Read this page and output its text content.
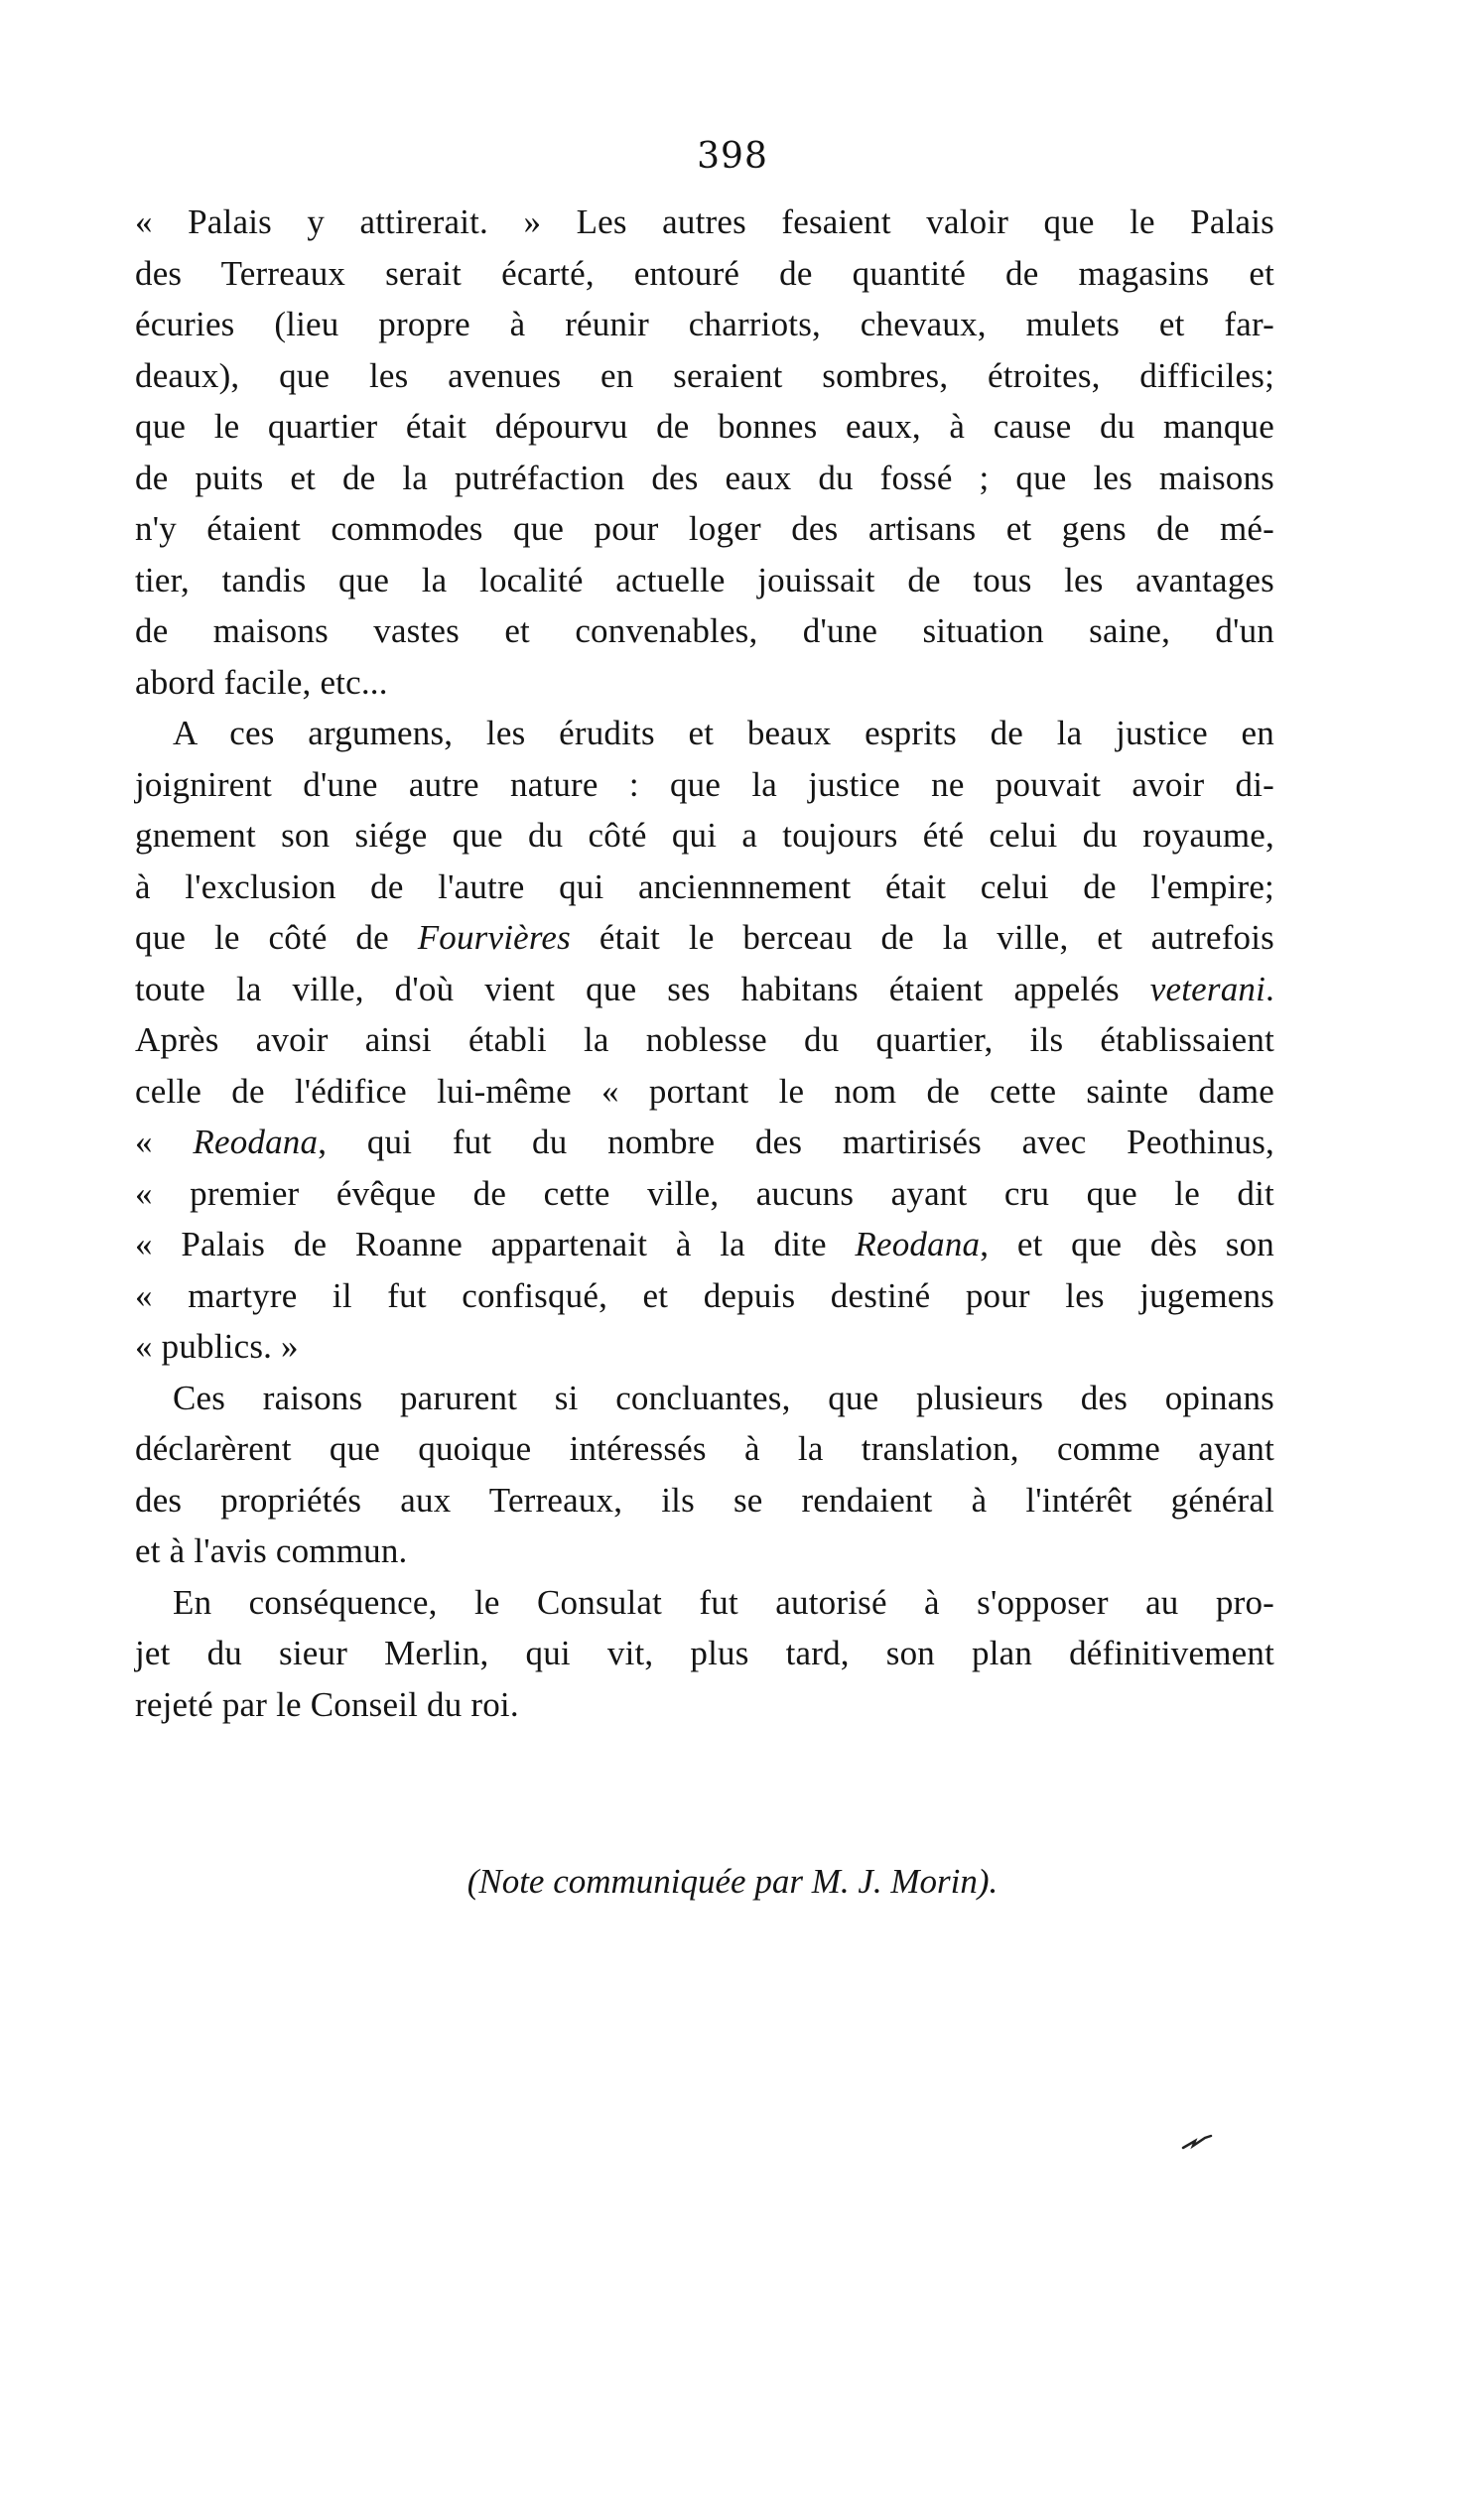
398
« Palais y attirerait. » Les autres fesaient valoir que le Palais
des Terreaux serait écarté, entouré de quantité de magasins et
écuries (lieu propre à réunir charriots, chevaux, mulets et far-
deaux), que les avenues en seraient sombres, étroites, difficiles;
que le quartier était dépourvu de bonnes eaux, à cause du manque
de puits et de la putréfaction des eaux du fossé ; que les maisons
n'y étaient commodes que pour loger des artisans et gens de mé-
tier, tandis que la localité actuelle jouissait de tous les avantages
de maisons vastes et convenables, d'une situation saine, d'un
abord facile, etc...
A ces argumens, les érudits et beaux esprits de la justice en
joignirent d'une autre nature : que la justice ne pouvait avoir di-
gnement son siége que du côté qui a toujours été celui du royaume,
à l'exclusion de l'autre qui anciennnement était celui de l'empire;
que le côté de Fourvières était le berceau de la ville, et autrefois
toute la ville, d'où vient que ses habitans étaient appelés veterani.
Après avoir ainsi établi la noblesse du quartier, ils établissaient
celle de l'édifice lui-même « portant le nom de cette sainte dame
« Reodana, qui fut du nombre des martirisés avec Peothinus,
« premier évêque de cette ville, aucuns ayant cru que le dit
« Palais de Roanne appartenait à la dite Reodana, et que dès son
« martyre il fut confisqué, et depuis destiné pour les jugemens
« publics. »
Ces raisons parurent si concluantes, que plusieurs des opinans
déclarèrent que quoique intéressés à la translation, comme ayant
des propriétés aux Terreaux, ils se rendaient à l'intérêt général
et à l'avis commun.
En conséquence, le Consulat fut autorisé à s'opposer au pro-
jet du sieur Merlin, qui vit, plus tard, son plan définitivement
rejeté par le Conseil du roi.
(Note communiquée par M. J. Morin).
